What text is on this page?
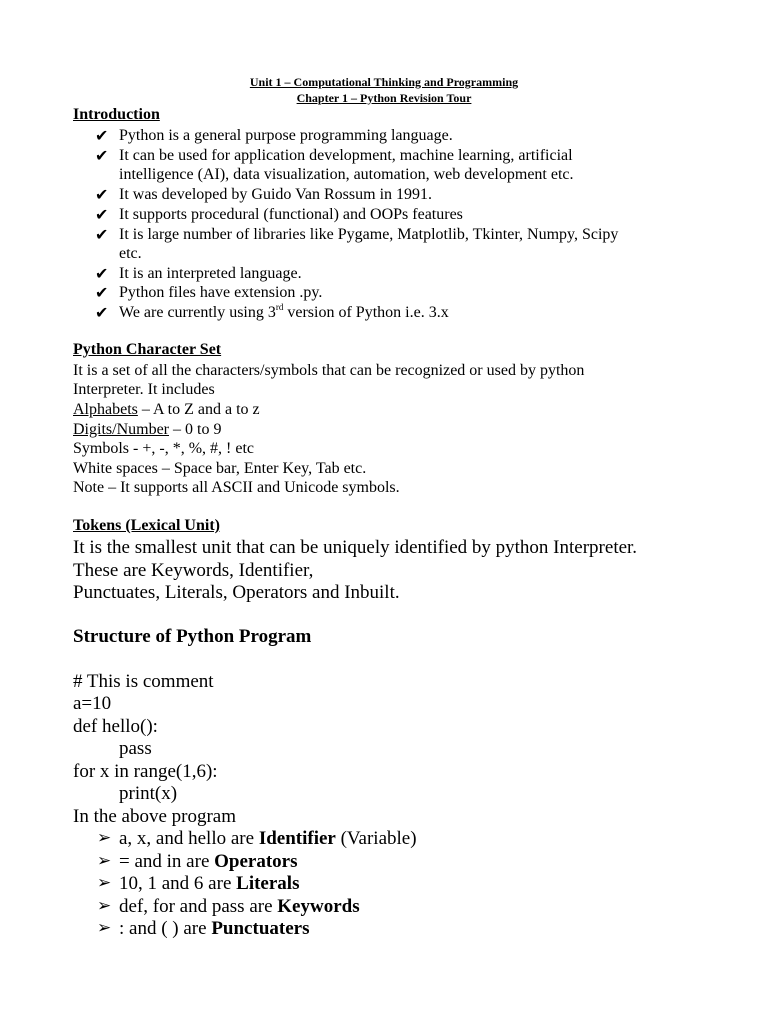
Unit 1 – Computational Thinking and Programming
Chapter 1 – Python Revision Tour
Introduction
✔ Python is a general purpose programming language.
✔ It can be used for application development, machine learning, artificial
intelligence (AI), data visualization, automation, web development etc.
✔ It was developed by Guido Van Rossum in 1991.
✔ It supports procedural (functional) and OOPs features
✔ It is large number of libraries like Pygame, Matplotlib, Tkinter, Numpy, Scipy
etc.
✔ It is an interpreted language.
✔ Python files have extension .py.
✔ We are currently using 3rd version of Python i.e. 3.x
Python Character Set
It is a set of all the characters/symbols that can be recognized or used by python
Interpreter. It includes
Alphabets – A to Z and a to z
Digits/Number – 0 to 9
Symbols - +, -, *, %, #, ! etc
White spaces – Space bar, Enter Key, Tab etc.
Note – It supports all ASCII and Unicode symbols.
Tokens (Lexical Unit)
It is the smallest unit that can be uniquely identified by python Interpreter.
These are Keywords, Identifier,
Punctuates, Literals, Operators and Inbuilt.
Structure of Python Program
# This is comment
a=10
def hello():
pass
for x in range(1,6):
print(x)
In the above program
➢ a, x, and hello are Identifier (Variable)
➢ = and in are Operators
➢ 10, 1 and 6 are Literals
➢ def, for and pass are Keywords
➢ : and ( ) are Punctuaters
